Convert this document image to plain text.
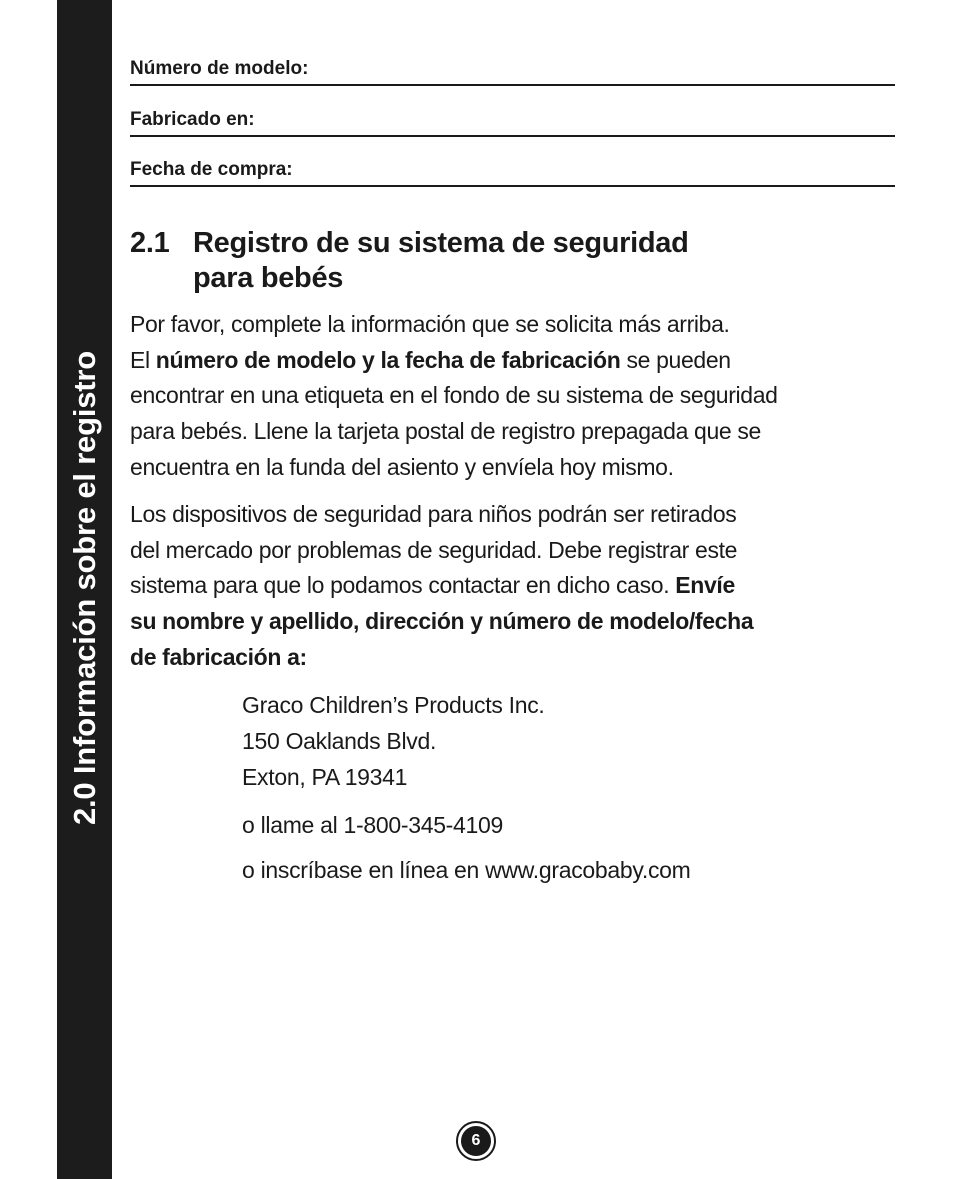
2.0 Información sobre el registro
Número de modelo:
Fabricado en:
Fecha de compra:
2.1 Registro de su sistema de seguridad
para bebés
Por favor, complete la información que se solicita más arriba.
El número de modelo y la fecha de fabricación se pueden
encontrar en una etiqueta en el fondo de su sistema de seguridad
para bebés. Llene la tarjeta postal de registro prepagada que se
encuentra en la funda del asiento y envíela hoy mismo.
Los dispositivos de seguridad para niños podrán ser retirados
del mercado por problemas de seguridad. Debe registrar este
sistema para que lo podamos contactar en dicho caso. Envíe
su nombre y apellido, dirección y número de modelo/fecha
de fabricación a:
Graco Children’s Products Inc.
150 Oaklands Blvd.
Exton, PA 19341
o llame al 1-800-345-4109
o inscríbase en línea en www.gracobaby.com
6
